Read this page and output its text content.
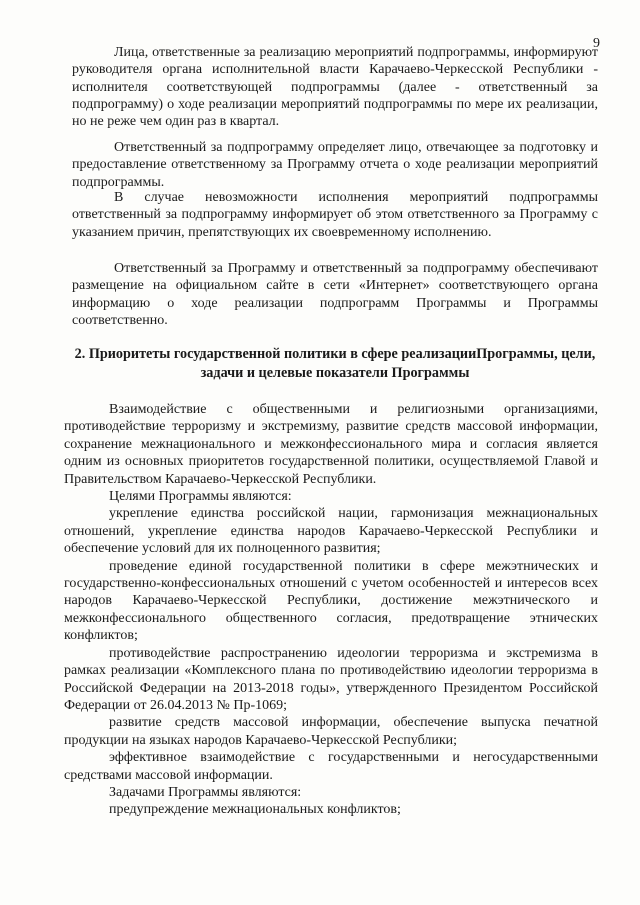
9

Лица, ответственные за реализацию мероприятий подпрограммы, информируют руководителя органа исполнительной власти Карачаево-Черкесской Республики - исполнителя соответствующей подпрограммы (далее - ответственный за подпрограмму) о ходе реализации мероприятий подпрограммы по мере их реализации, но не реже чем один раз в квартал.

Ответственный за подпрограмму определяет лицо, отвечающее за подготовку и предоставление ответственному за Программу отчета о ходе реализации мероприятий подпрограммы.

В случае невозможности исполнения мероприятий подпрограммы ответственный за подпрограмму информирует об этом ответственного за Программу с указанием причин, препятствующих их своевременному исполнению.

Ответственный за Программу и ответственный за подпрограмму обеспечивают размещение на официальном сайте в сети «Интернет» соответствующего органа информацию о ходе реализации подпрограмм Программы и Программы соответственно.

2. Приоритеты государственной политики в сфере реализацииПрограммы, цели, задачи и целевые показатели Программы

Взаимодействие с общественными и религиозными организациями, противодействие терроризму и экстремизму, развитие средств массовой информации, сохранение межнационального и межконфессионального мира и согласия является одним из основных приоритетов государственной политики, осуществляемой Главой и Правительством Карачаево-Черкесской Республики.

Целями Программы являются:

укрепление единства российской нации, гармонизация межнациональных отношений, укрепление единства народов Карачаево-Черкесской Республики и обеспечение условий для их полноценного развития;

проведение единой государственной политики в сфере межэтнических и государственно-конфессиональных отношений с учетом особенностей и интересов всех народов Карачаево-Черкесской Республики, достижение межэтнического и межконфессионального общественного согласия, предотвращение этнических конфликтов;

противодействие распространению идеологии терроризма и экстремизма в рамках реализации «Комплексного плана по противодействию идеологии терроризма в Российской Федерации на 2013-2018 годы», утвержденного Президентом Российской Федерации от 26.04.2013 № Пр-1069;

развитие средств массовой информации, обеспечение выпуска печатной продукции на языках народов Карачаево-Черкесской Республики;

эффективное взаимодействие с государственными и негосударственными средствами массовой информации.

Задачами Программы являются:

предупреждение межнациональных конфликтов;
